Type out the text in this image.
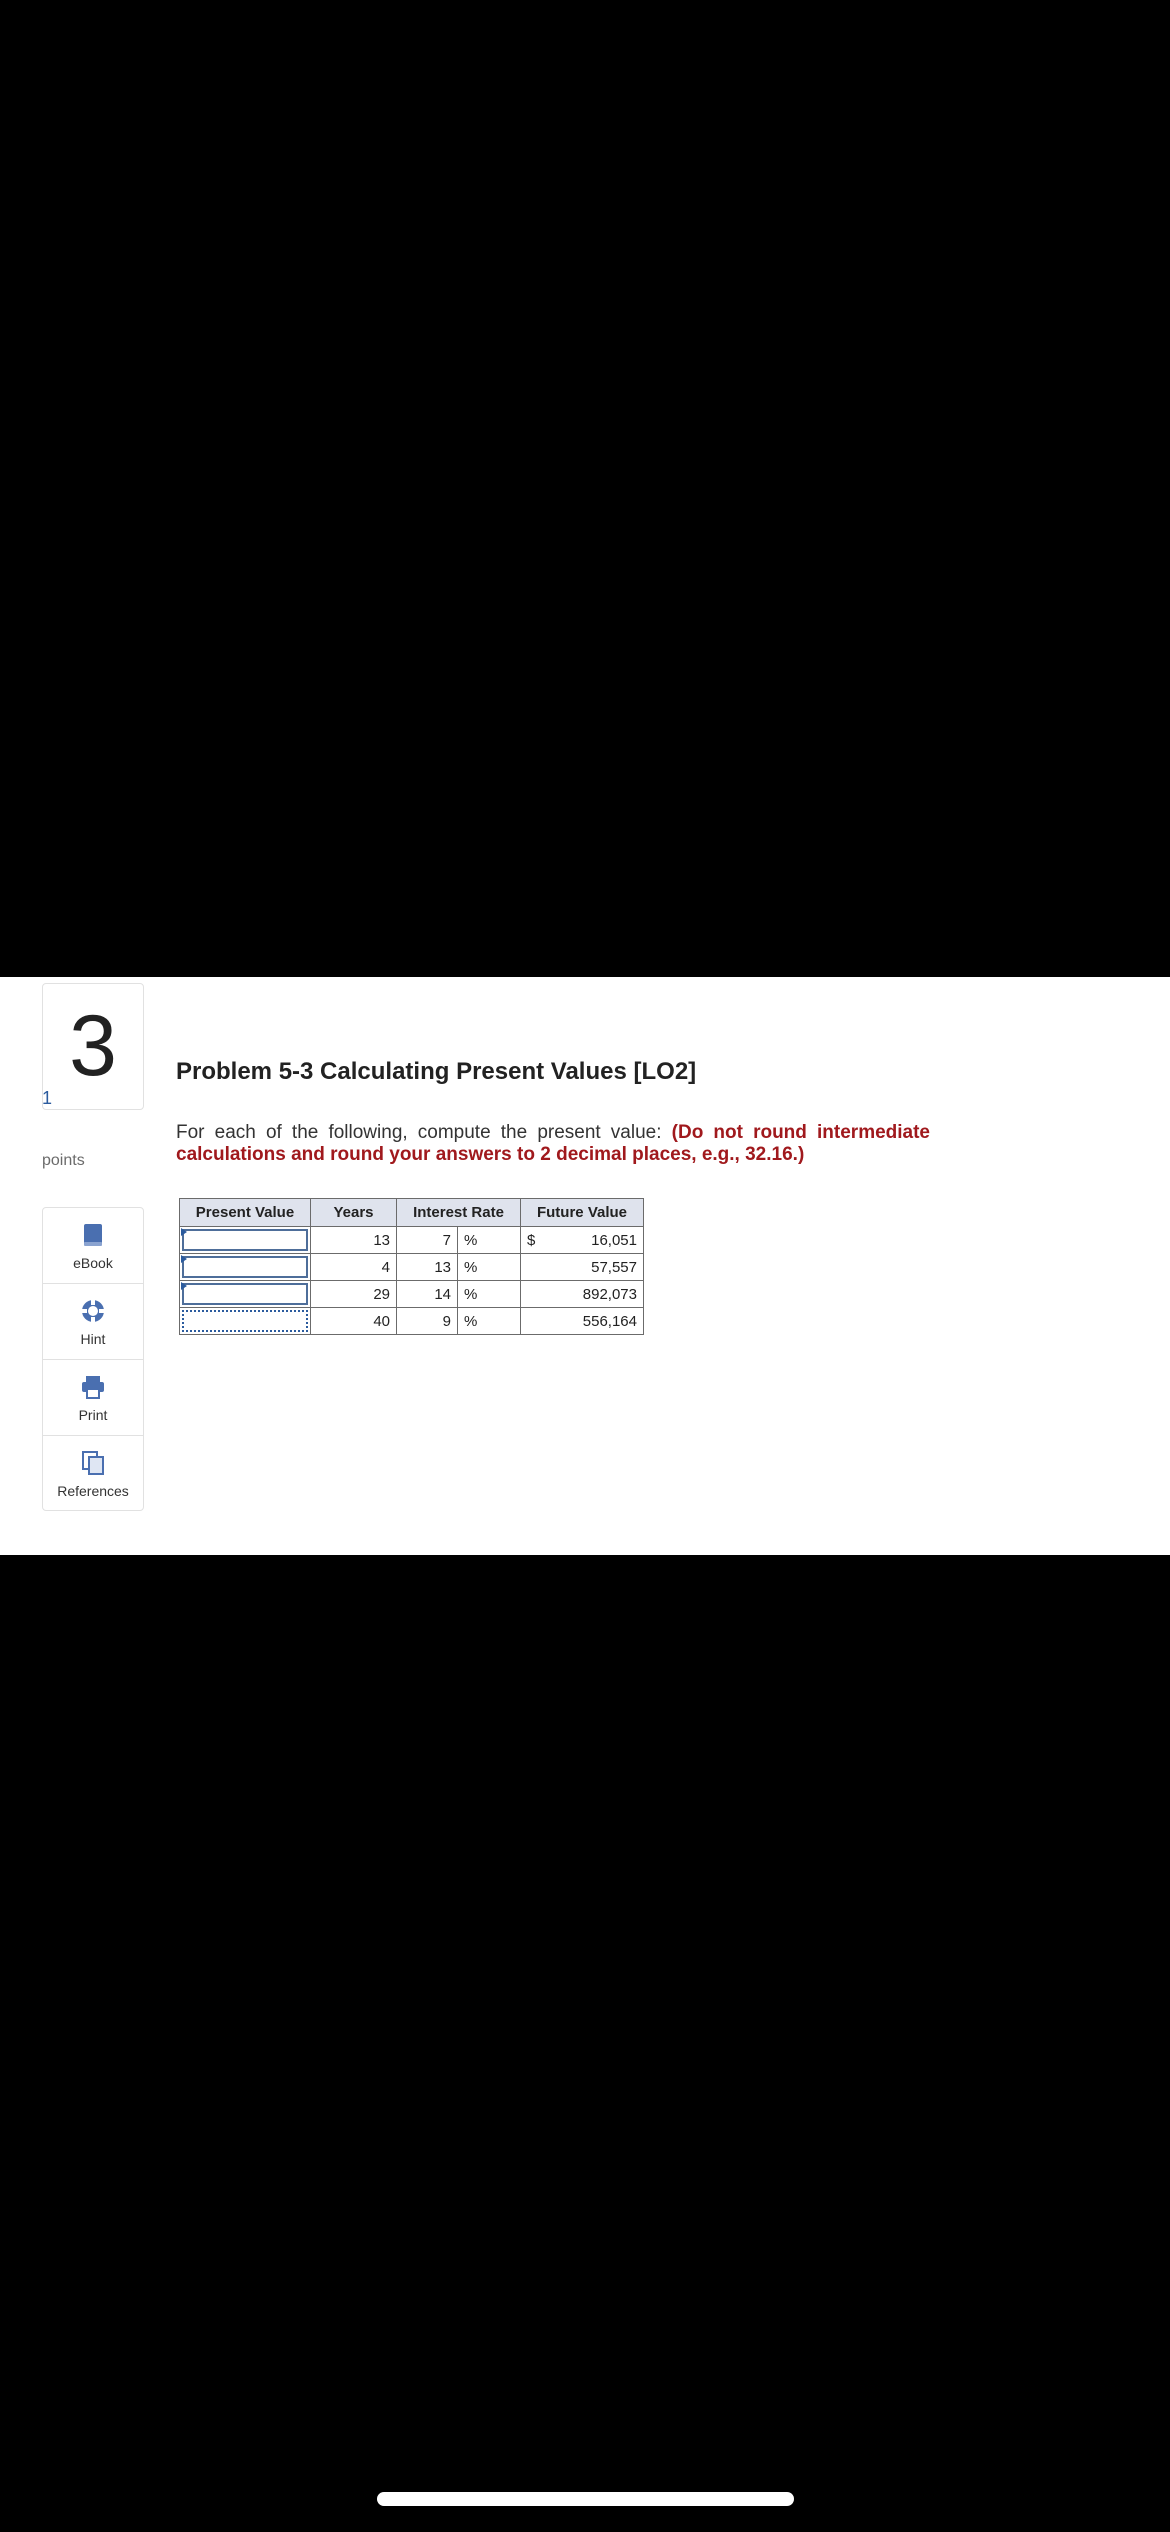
3
1
points
eBook
Hint
Print
References
Problem 5-3 Calculating Present Values [LO2]
For each of the following, compute the present value: (Do not round intermediate calculations and round your answers to 2 decimal places, e.g., 32.16.)
Present Value	Years	Interest Rate		Future Value	

	13	7	%	$	16,051

	4	13	%		57,557

	29	14	%		892,073

	40	9	%		556,164
